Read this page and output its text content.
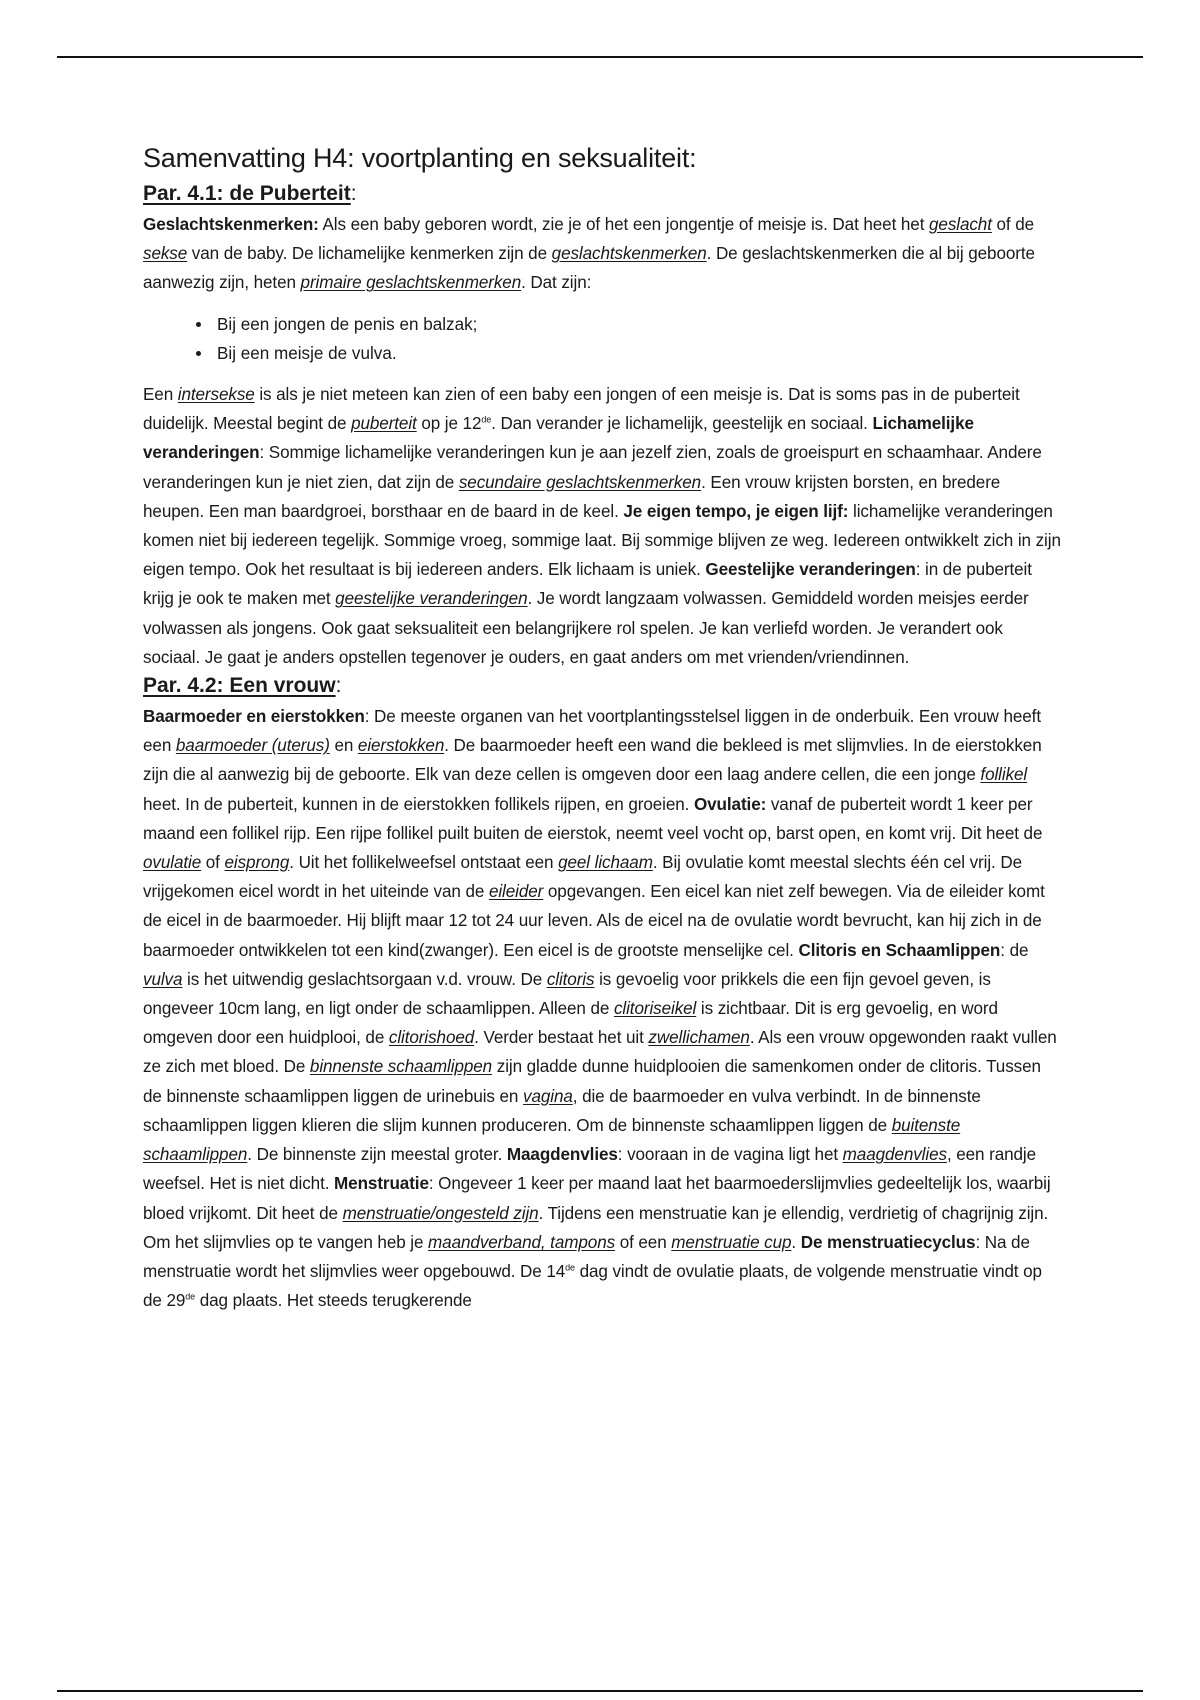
Samenvatting H4: voortplanting en seksualiteit:
Par. 4.1: de Puberteit:

Geslachtskenmerken: Als een baby geboren wordt, zie je of het een jongentje of meisje is. Dat heet het geslacht of de sekse van de baby. De lichamelijke kenmerken zijn de geslachtskenmerken. De geslachtskenmerken die al bij geboorte aanwezig zijn, heten primaire geslachtskenmerken. Dat zijn:

• Bij een jongen de penis en balzak;
• Bij een meisje de vulva.

Een intersekse is als je niet meteen kan zien of een baby een jongen of een meisje is. Dat is soms pas in de puberteit duidelijk. Meestal begint de puberteit op je 12de. Dan verander je lichamelijk, geestelijk en sociaal. Lichamelijke veranderingen: Sommige lichamelijke veranderingen kun je aan jezelf zien, zoals de groeispurt en schaamhaar. Andere veranderingen kun je niet zien, dat zijn de secundaire geslachtskenmerken. Een vrouw krijsten borsten, en bredere heupen. Een man baardgroei, borsthaar en de baard in de keel. Je eigen tempo, je eigen lijf: lichamelijke veranderingen komen niet bij iedereen tegelijk. Sommige vroeg, sommige laat. Bij sommige blijven ze weg. Iedereen ontwikkelt zich in zijn eigen tempo. Ook het resultaat is bij iedereen anders. Elk lichaam is uniek. Geestelijke veranderingen: in de puberteit krijg je ook te maken met geestelijke veranderingen. Je wordt langzaam volwassen. Gemiddeld worden meisjes eerder volwassen als jongens. Ook gaat seksualiteit een belangrijkere rol spelen. Je kan verliefd worden. Je verandert ook sociaal. Je gaat je anders opstellen tegenover je ouders, en gaat anders om met vrienden/vriendinnen.

Par. 4.2: Een vrouw:

Baarmoeder en eierstokken: De meeste organen van het voortplantingsstelsel liggen in de onderbuik. Een vrouw heeft een baarmoeder (uterus) en eierstokken. De baarmoeder heeft een wand die bekleed is met slijmvlies. In de eierstokken zijn die al aanwezig bij de geboorte. Elk van deze cellen is omgeven door een laag andere cellen, die een jonge follikel heet. In de puberteit, kunnen in de eierstokken follikels rijpen, en groeien. Ovulatie: vanaf de puberteit wordt 1 keer per maand een follikel rijp. Een rijpe follikel puilt buiten de eierstok, neemt veel vocht op, barst open, en komt vrij. Dit heet de ovulatie of eisprong. Uit het follikelweefsel ontstaat een geel lichaam. Bij ovulatie komt meestal slechts één cel vrij. De vrijgekomen eicel wordt in het uiteinde van de eileider opgevangen. Een eicel kan niet zelf bewegen. Via de eileider komt de eicel in de baarmoeder. Hij blijft maar 12 tot 24 uur leven. Als de eicel na de ovulatie wordt bevrucht, kan hij zich in de baarmoeder ontwikkelen tot een kind(zwanger). Een eicel is de grootste menselijke cel. Clitoris en Schaamlippen: de vulva is het uitwendig geslachtsorgaan v.d. vrouw. De clitoris is gevoelig voor prikkels die een fijn gevoel geven, is ongeveer 10cm lang, en ligt onder de schaamlippen. Alleen de clitoriseikel is zichtbaar. Dit is erg gevoelig, en word omgeven door een huidplooi, de clitorishoed. Verder bestaat het uit zwellichamen. Als een vrouw opgewonden raakt vullen ze zich met bloed. De binnenste schaamlippen zijn gladde dunne huidplooien die samenkomen onder de clitoris. Tussen de binnenste schaamlippen liggen de urinebuis en vagina, die de baarmoeder en vulva verbindt. In de binnenste schaamlippen liggen klieren die slijm kunnen produceren. Om de binnenste schaamlippen liggen de buitenste schaamlippen. De binnenste zijn meestal groter. Maagdenvlies: vooraan in de vagina ligt het maagdenvlies, een randje weefsel. Het is niet dicht. Menstruatie: Ongeveer 1 keer per maand laat het baarmoederslijmvlies gedeeltelijk los, waarbij bloed vrijkomt. Dit heet de menstruatie/ongesteld zijn. Tijdens een menstruatie kan je ellendig, verdrietig of chagrijnig zijn. Om het slijmvlies op te vangen heb je maandverband, tampons of een menstruatie cup. De menstruatiecyclus: Na de menstruatie wordt het slijmvlies weer opgebouwd. De 14de dag vindt de ovulatie plaats, de volgende menstruatie vindt op de 29de dag plaats. Het steeds terugkerende
